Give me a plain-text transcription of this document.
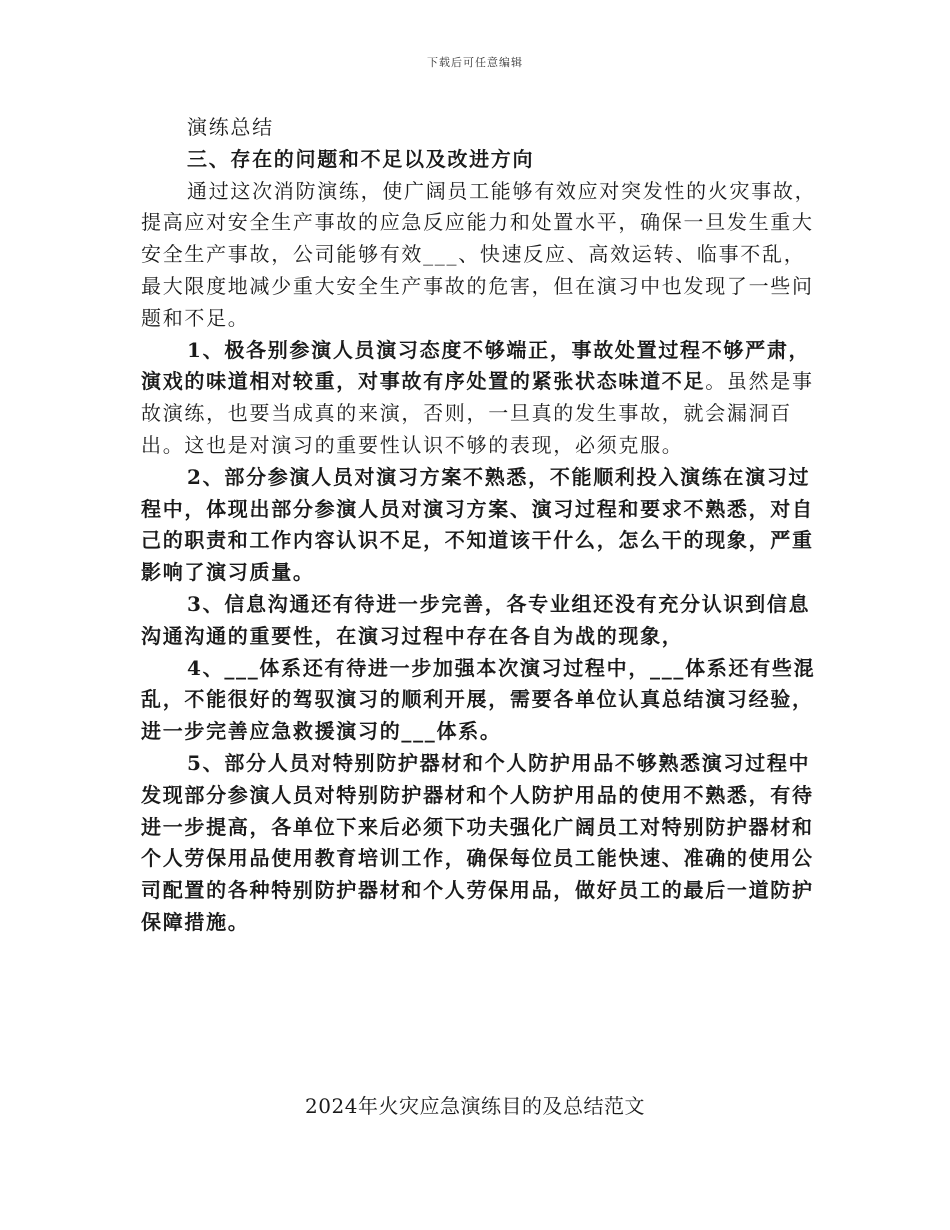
下载后可任意编辑

演练总结

三、存在的问题和不足以及改进方向

通过这次消防演练，使广阔员工能够有效应对突发性的火灾事故，提高应对安全生产事故的应急反应能力和处置水平，确保一旦发生重大安全生产事故，公司能够有效___、快速反应、高效运转、临事不乱，最大限度地减少重大安全生产事故的危害，但在演习中也发现了一些问题和不足。

1、极各别参演人员演习态度不够端正，事故处置过程不够严肃，演戏的味道相对较重，对事故有序处置的紧张状态味道不足。虽然是事故演练，也要当成真的来演，否则，一旦真的发生事故，就会漏洞百出。这也是对演习的重要性认识不够的表现，必须克服。

2、部分参演人员对演习方案不熟悉，不能顺利投入演练在演习过程中，体现出部分参演人员对演习方案、演习过程和要求不熟悉，对自己的职责和工作内容认识不足，不知道该干什么，怎么干的现象，严重影响了演习质量。

3、信息沟通还有待进一步完善，各专业组还没有充分认识到信息沟通沟通的重要性，在演习过程中存在各自为战的现象，

4、___体系还有待进一步加强本次演习过程中，___体系还有些混乱，不能很好的驾驭演习的顺利开展，需要各单位认真总结演习经验，进一步完善应急救援演习的___体系。

5、部分人员对特别防护器材和个人防护用品不够熟悉演习过程中发现部分参演人员对特别防护器材和个人防护用品的使用不熟悉，有待进一步提高，各单位下来后必须下功夫强化广阔员工对特别防护器材和个人劳保用品使用教育培训工作，确保每位员工能快速、准确的使用公司配置的各种特别防护器材和个人劳保用品，做好员工的最后一道防护保障措施。

2024年火灾应急演练目的及总结范文
